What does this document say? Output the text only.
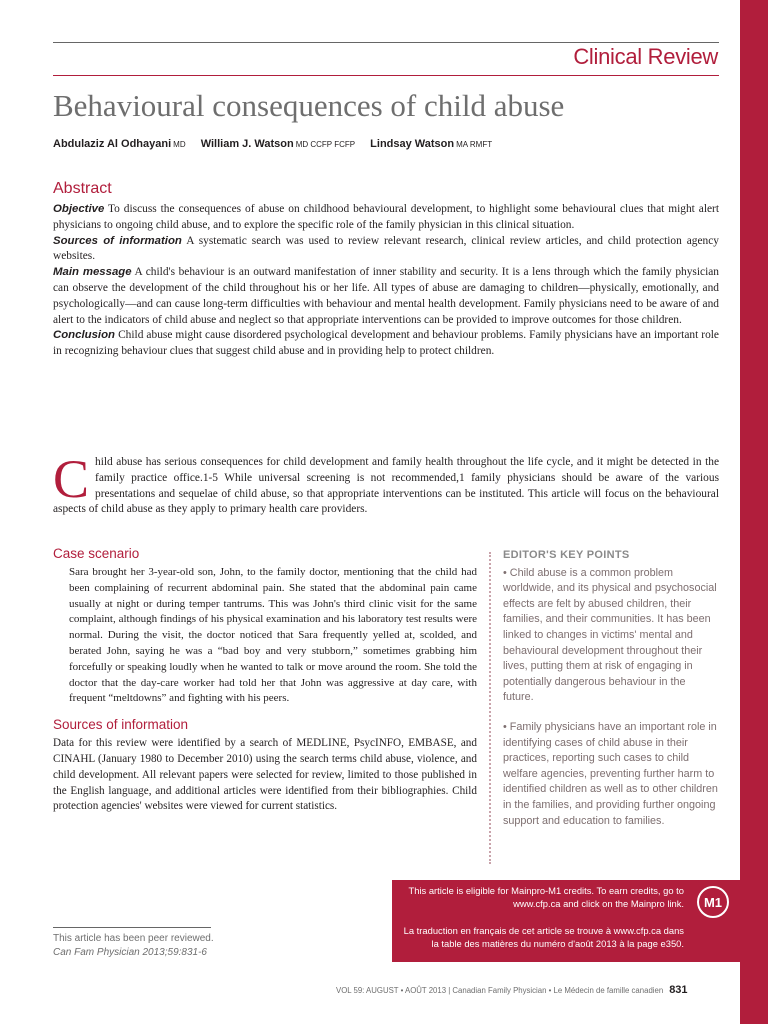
Clinical Review
Behavioural consequences of child abuse
Abdulaziz Al Odhayani MD William J. Watson MD CCFP FCFP Lindsay Watson MA RMFT
Abstract

Objective To discuss the consequences of abuse on childhood behavioural development, to highlight some behavioural clues that might alert physicians to ongoing child abuse, and to explore the specific role of the family physician in this clinical situation.

Sources of information A systematic search was used to review relevant research, clinical review articles, and child protection agency websites.

Main message A child's behaviour is an outward manifestation of inner stability and security. It is a lens through which the family physician can observe the development of the child throughout his or her life. All types of abuse are damaging to children—physically, emotionally, and psychologically—and can cause long-term difficulties with behaviour and mental health development. Family physicians need to be aware of and alert to the indicators of child abuse and neglect so that appropriate interventions can be provided to improve outcomes for those children.

Conclusion Child abuse might cause disordered psychological development and behaviour problems. Family physicians have an important role in recognizing behaviour clues that suggest child abuse and in providing help to protect children.

Child abuse has serious consequences for child development and family health throughout the life cycle, and it might be detected in the family practice office.1-5 While universal screening is not recommended,1 family physicians should be aware of the various presentations and sequelae of child abuse, so that appropriate interventions can be instituted. This article will focus on the behavioural aspects of child abuse as they apply to primary health care providers.
Case scenario

Sara brought her 3-year-old son, John, to the family doctor, mentioning that the child had been complaining of recurrent abdominal pain. She stated that the abdominal pain came usually at night or during temper tantrums. This was John's third clinic visit for the same complaint, although findings of his physical examination and his laboratory test results were normal. During the visit, the doctor noticed that Sara frequently yelled at, scolded, and berated John, saying he was a “bad boy and very stubborn,” sometimes grabbing him forcefully or speaking loudly when he wanted to talk or move around the room. She told the doctor that the day-care worker had told her that John was aggressive at day care, with frequent “meltdowns” and fighting with his peers.

Sources of information

Data for this review were identified by a search of MEDLINE, PsycINFO, EMBASE, and CINAHL (January 1980 to December 2010) using the search terms child abuse, violence, and child development. All relevant papers were selected for review, limited to those published in the English language, and additional articles were identified from their bibliographies. Child protection agencies' websites were viewed for current statistics.

EDITOR'S KEY POINTS

• Child abuse is a common problem worldwide, and its physical and psychosocial effects are felt by abused children, their families, and their communities. It has been linked to changes in victims' mental and behavioural development throughout their lives, putting them at risk of engaging in potentially dangerous behaviour in the future.

• Family physicians have an important role in identifying cases of child abuse in their practices, reporting such cases to child welfare agencies, preventing further harm to identified children as well as to other children in the families, and providing further ongoing support and education to families.

This article is eligible for Mainpro-M1 credits. To earn credits, go to www.cfp.ca and click on the Mainpro link.
La traduction en français de cet article se trouve à www.cfp.ca dans la table des matières du numéro d'août 2013 à la page e350.
M1
This article has been peer reviewed.
Can Fam Physician 2013;59:831-6
VOL 59: AUGUST • AOÛT 2013 | Canadian Family Physician • Le Médecin de famille canadien 831
